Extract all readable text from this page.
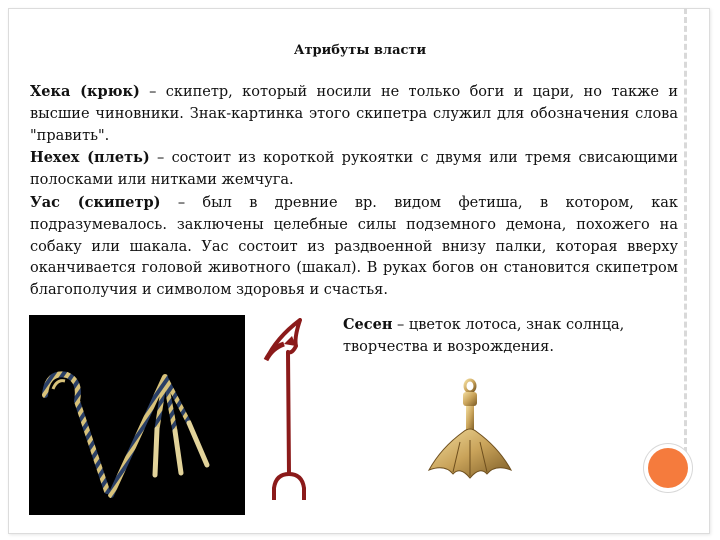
Атрибуты власти

Хека (крюк) – скипетр, который носили не только боги и цари, но также и высшие чиновники. Знак-картинка этого скипетра служил для обозначения слова "править".

Нехех (плеть) – состоит из короткой рукоятки с двумя или тремя свисающими полосками или нитками жемчуга.

Уас (скипетр) – был в древние вр. видом фетиша, в котором, как подразумевалось. заключены целебные силы подземного демона, похожего на собаку или шакала. Уас состоит из раздвоенной внизу палки, которая вверху оканчивается головой животного (шакал). В руках богов он становится скипетром благополучия и символом здоровья и счастья.

Сесен – цветок лотоса, знак солнца, творчества и возрождения.
